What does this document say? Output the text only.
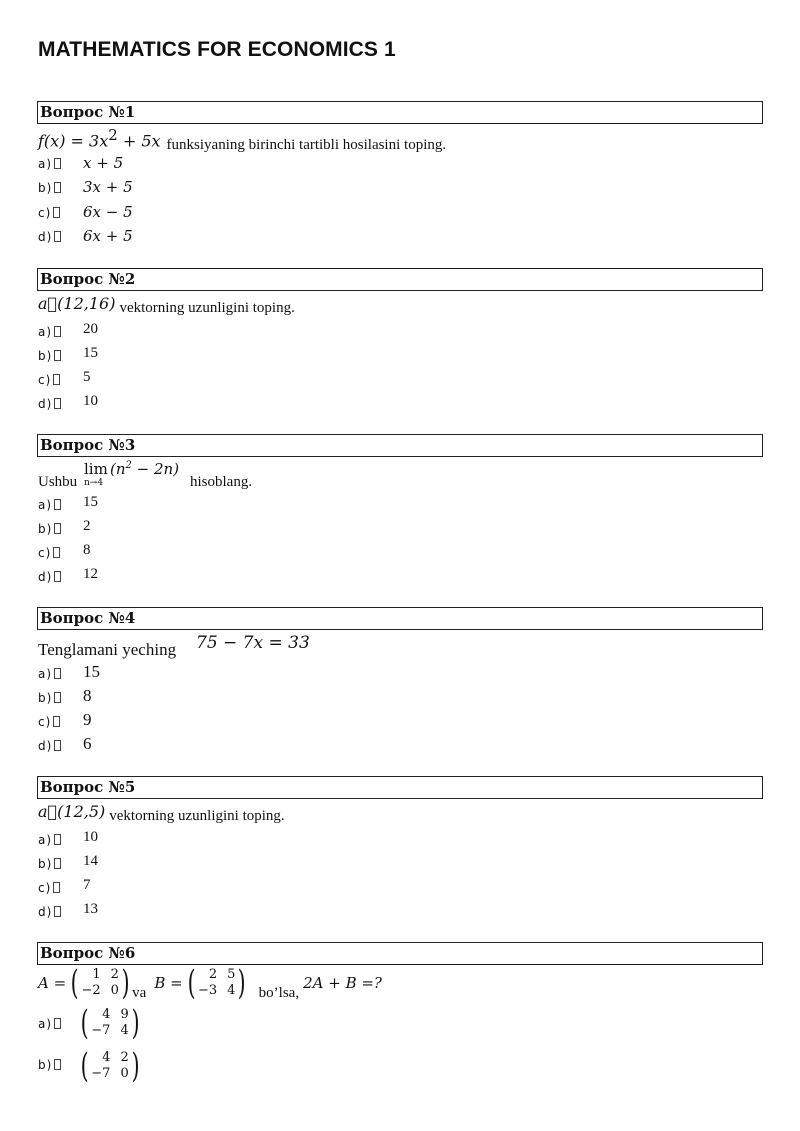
MATHEMATICS FOR ECONOMICS 1
Вопрос №1
$f(x) = 3x^2 + 5x$ funksiyaning birinchi tartibli hosilasini toping.
a)	x + 5
b)	3x + 5
c)	6x − 5
d)	6x + 5
Вопрос №2
a⃗(12,16) vektorning uzunligini toping.
a)	20
b)	15
c)	5
d)	10
Вопрос №3
Ushbu
lim
n→4
$(n^2 - 2n)$
hisoblang.
a)	15
b)	2
c)	8
d)	12
Вопрос №4
Tenglamani yeching 75 − 7x = 33
a)	15
b)	8
c)	9
d)	6
Вопрос №5
a⃗(12,5) vektorning uzunligini toping.
a)	10
b)	14
c)	7
d)	13
Вопрос №6
A = (	1 2
−2 0 ) va
B = (	2 5
−3 4 ) bo’lsa,
2A + B =?
a) (	4 9
−7 4 )
b) (	4 2
−7 0 )
